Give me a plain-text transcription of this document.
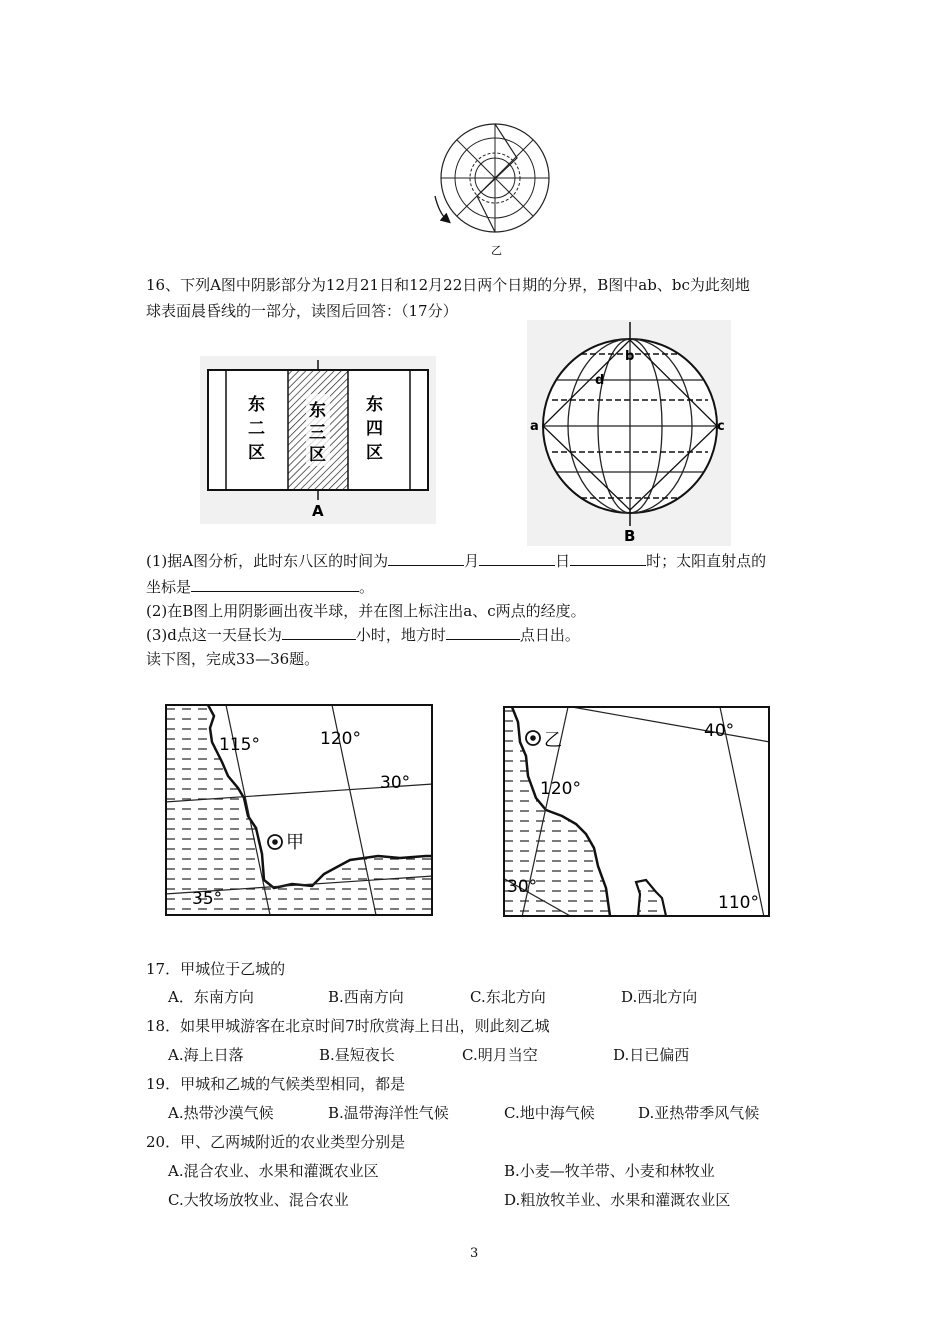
乙
16、下列A图中阴影部分为12月21日和12月22日两个日期的分界，B图中ab、bc为此刻地
球表面晨昏线的一部分，读图后回答：（17分）
东
二
区
东
三
区
东
四
区
A
a
b
c
d
B
(1)据A图分析，此时东八区的时间为	月	日	时；太阳直射点的
坐标是	。
(2)在B图上用阴影画出夜半球，并在图上标注出a、c两点的经度。
(3)d点这一天昼长为	小时，地方时	点日出。
读下图，完成33—36题。
115°	120°
30°
35°
甲
40°
120°
30°
110°
乙
17．甲城位于乙城的
A．东南方向	B.西南方向	C.东北方向	D.西北方向
18．如果甲城游客在北京时间7时欣赏海上日出，则此刻乙城
A.海上日落	B.昼短夜长	C.明月当空	D.日已偏西
19．甲城和乙城的气候类型相同，都是
A.热带沙漠气候	B.温带海洋性气候	C.地中海气候	D.亚热带季风气候
20．甲、乙两城附近的农业类型分别是
A.混合农业、水果和灌溉农业区	B.小麦—牧羊带、小麦和林牧业
C.大牧场放牧业、混合农业	D.粗放牧羊业、水果和灌溉农业区
3
